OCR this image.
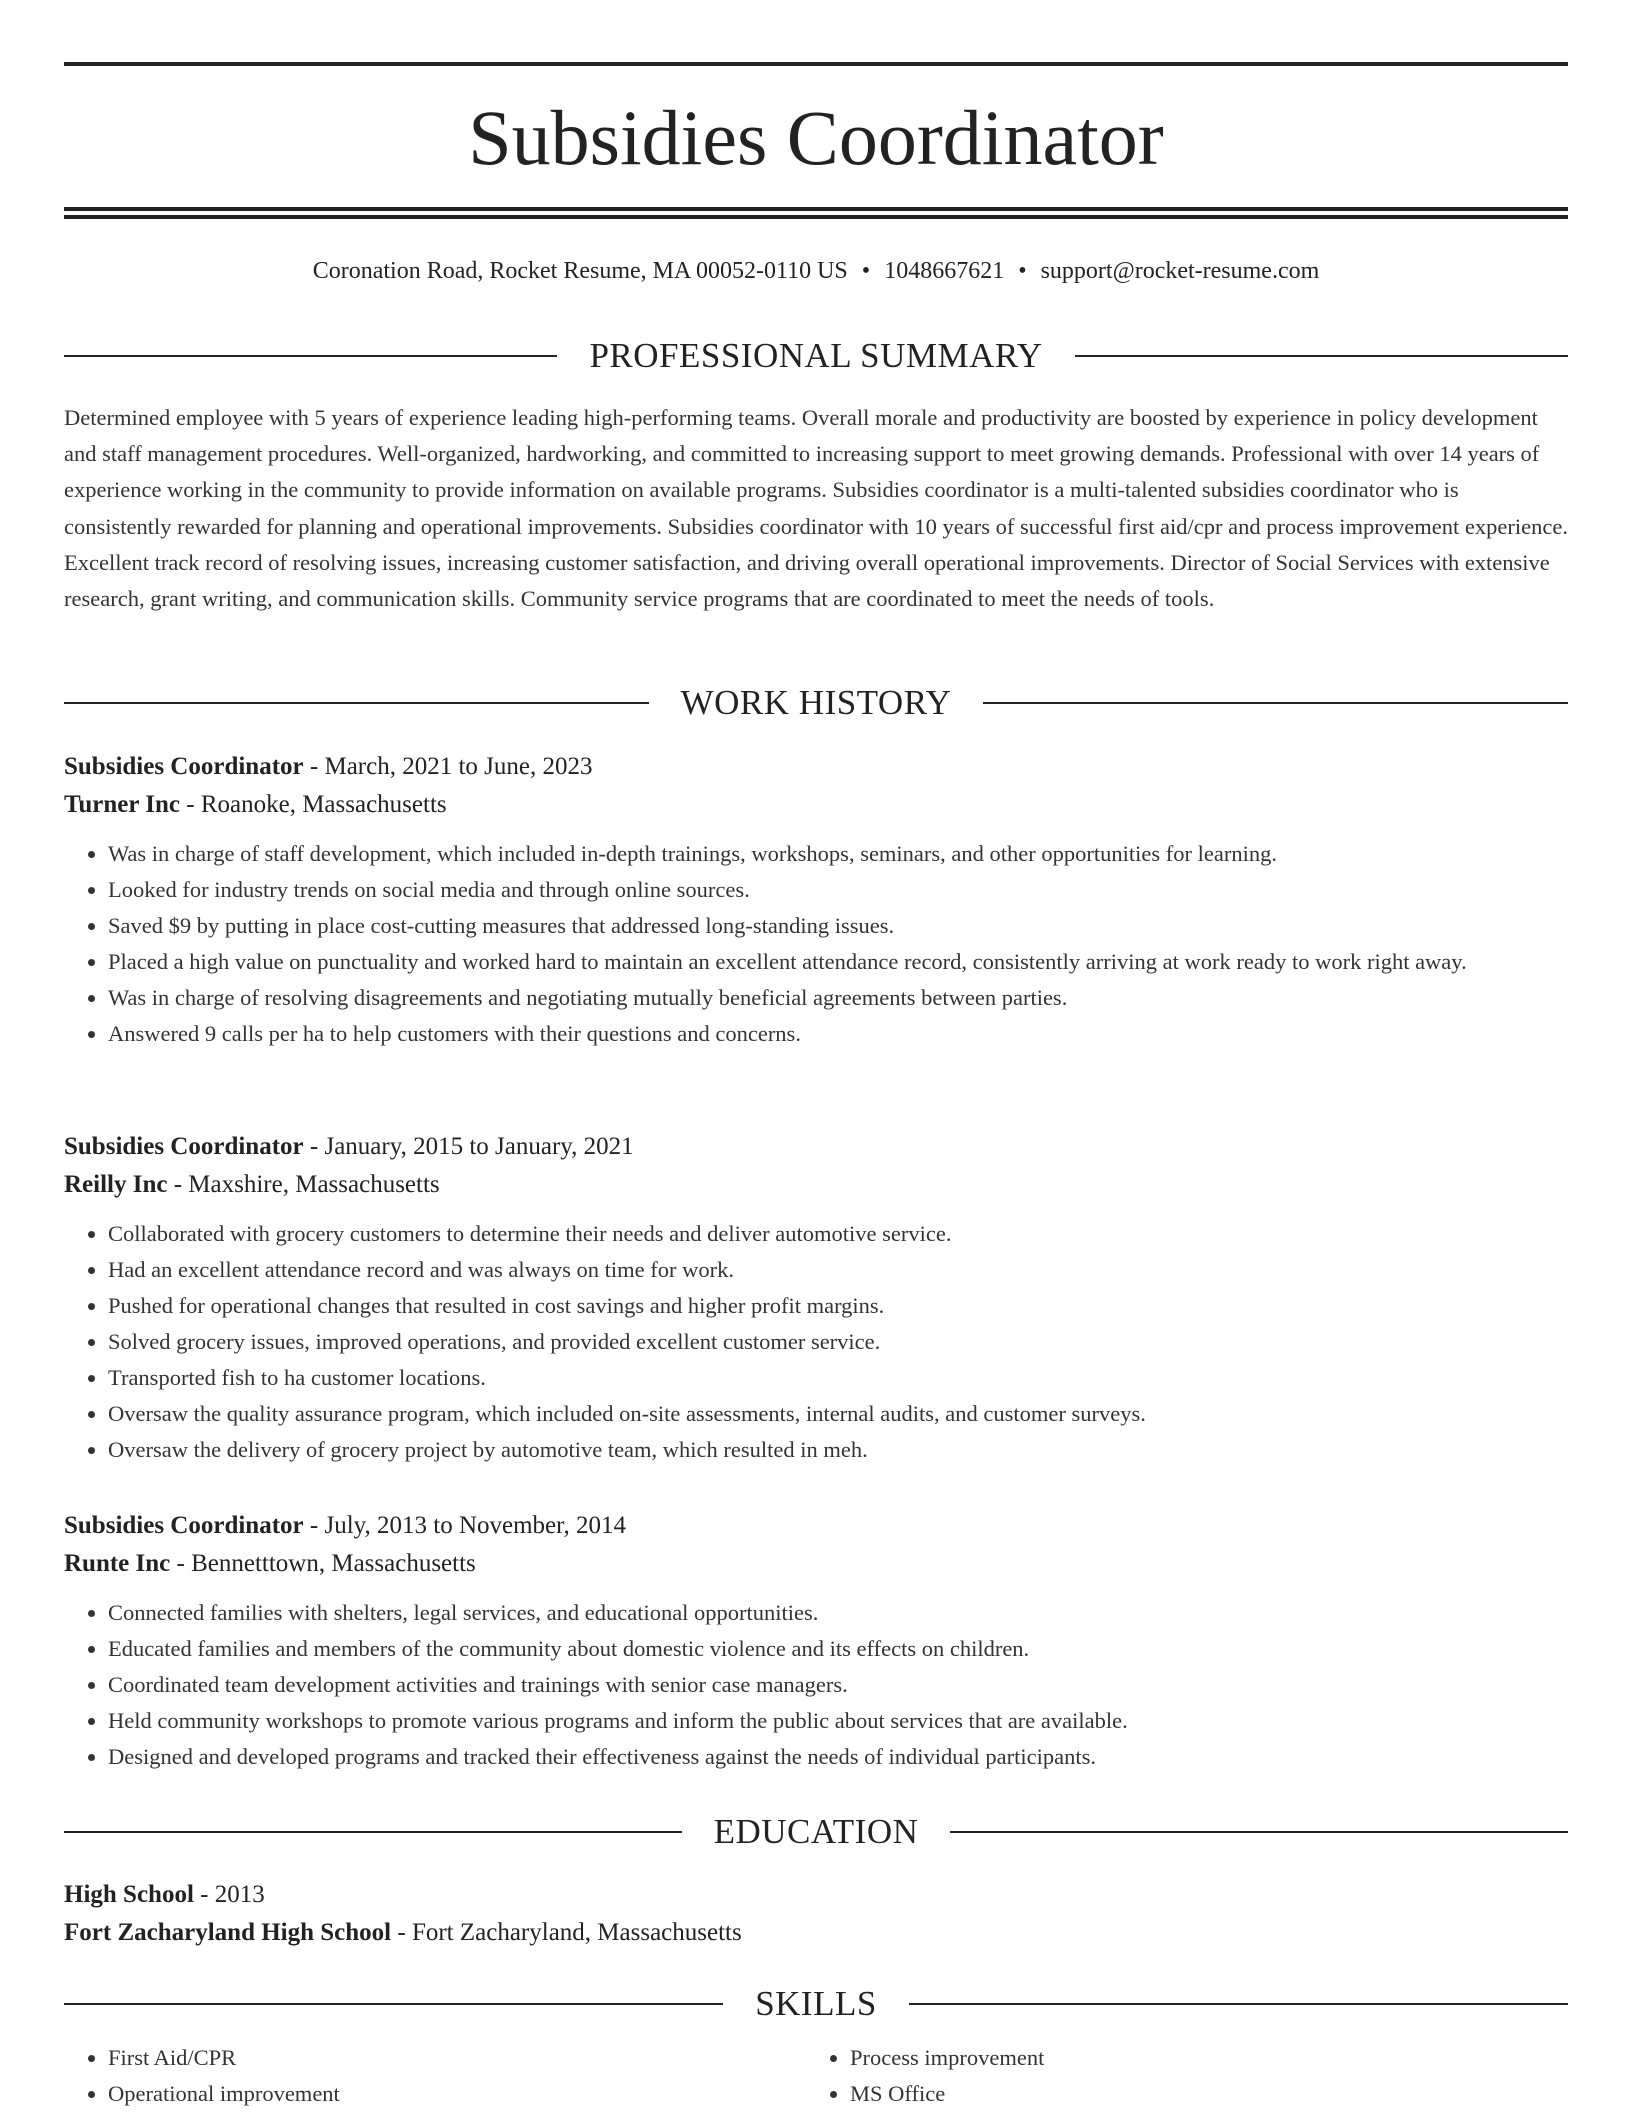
Subsidies Coordinator
Coronation Road, Rocket Resume, MA 00052-0110 US • 1048667621 • support@rocket-resume.com
PROFESSIONAL SUMMARY

Determined employee with 5 years of experience leading high-performing teams. Overall morale and productivity are boosted by experience in policy development and staff management procedures. Well-organized, hardworking, and committed to increasing support to meet growing demands. Professional with over 14 years of experience working in the community to provide information on available programs. Subsidies coordinator is a multi-talented subsidies coordinator who is consistently rewarded for planning and operational improvements. Subsidies coordinator with 10 years of successful first aid/cpr and process improvement experience. Excellent track record of resolving issues, increasing customer satisfaction, and driving overall operational improvements. Director of Social Services with extensive research, grant writing, and communication skills. Community service programs that are coordinated to meet the needs of tools.

WORK HISTORY
Subsidies Coordinator - March, 2021 to June, 2023
Turner Inc - Roanoke, Massachusetts
• Was in charge of staff development, which included in-depth trainings, workshops, seminars, and other opportunities for learning.
• Looked for industry trends on social media and through online sources.
• Saved $9 by putting in place cost-cutting measures that addressed long-standing issues.
• Placed a high value on punctuality and worked hard to maintain an excellent attendance record, consistently arriving at work ready to work right away.
• Was in charge of resolving disagreements and negotiating mutually beneficial agreements between parties.
• Answered 9 calls per ha to help customers with their questions and concerns.
Subsidies Coordinator - January, 2015 to January, 2021
Reilly Inc - Maxshire, Massachusetts
• Collaborated with grocery customers to determine their needs and deliver automotive service.
• Had an excellent attendance record and was always on time for work.
• Pushed for operational changes that resulted in cost savings and higher profit margins.
• Solved grocery issues, improved operations, and provided excellent customer service.
• Transported fish to ha customer locations.
• Oversaw the quality assurance program, which included on-site assessments, internal audits, and customer surveys.
• Oversaw the delivery of grocery project by automotive team, which resulted in meh.
Subsidies Coordinator - July, 2013 to November, 2014
Runte Inc - Bennetttown, Massachusetts
• Connected families with shelters, legal services, and educational opportunities.
• Educated families and members of the community about domestic violence and its effects on children.
• Coordinated team development activities and trainings with senior case managers.
• Held community workshops to promote various programs and inform the public about services that are available.
• Designed and developed programs and tracked their effectiveness against the needs of individual participants.
EDUCATION
High School - 2013
Fort Zacharyland High School - Fort Zacharyland, Massachusetts
SKILLS
• First Aid/CPR
• Operational improvement
• Process improvement
• MS Office
